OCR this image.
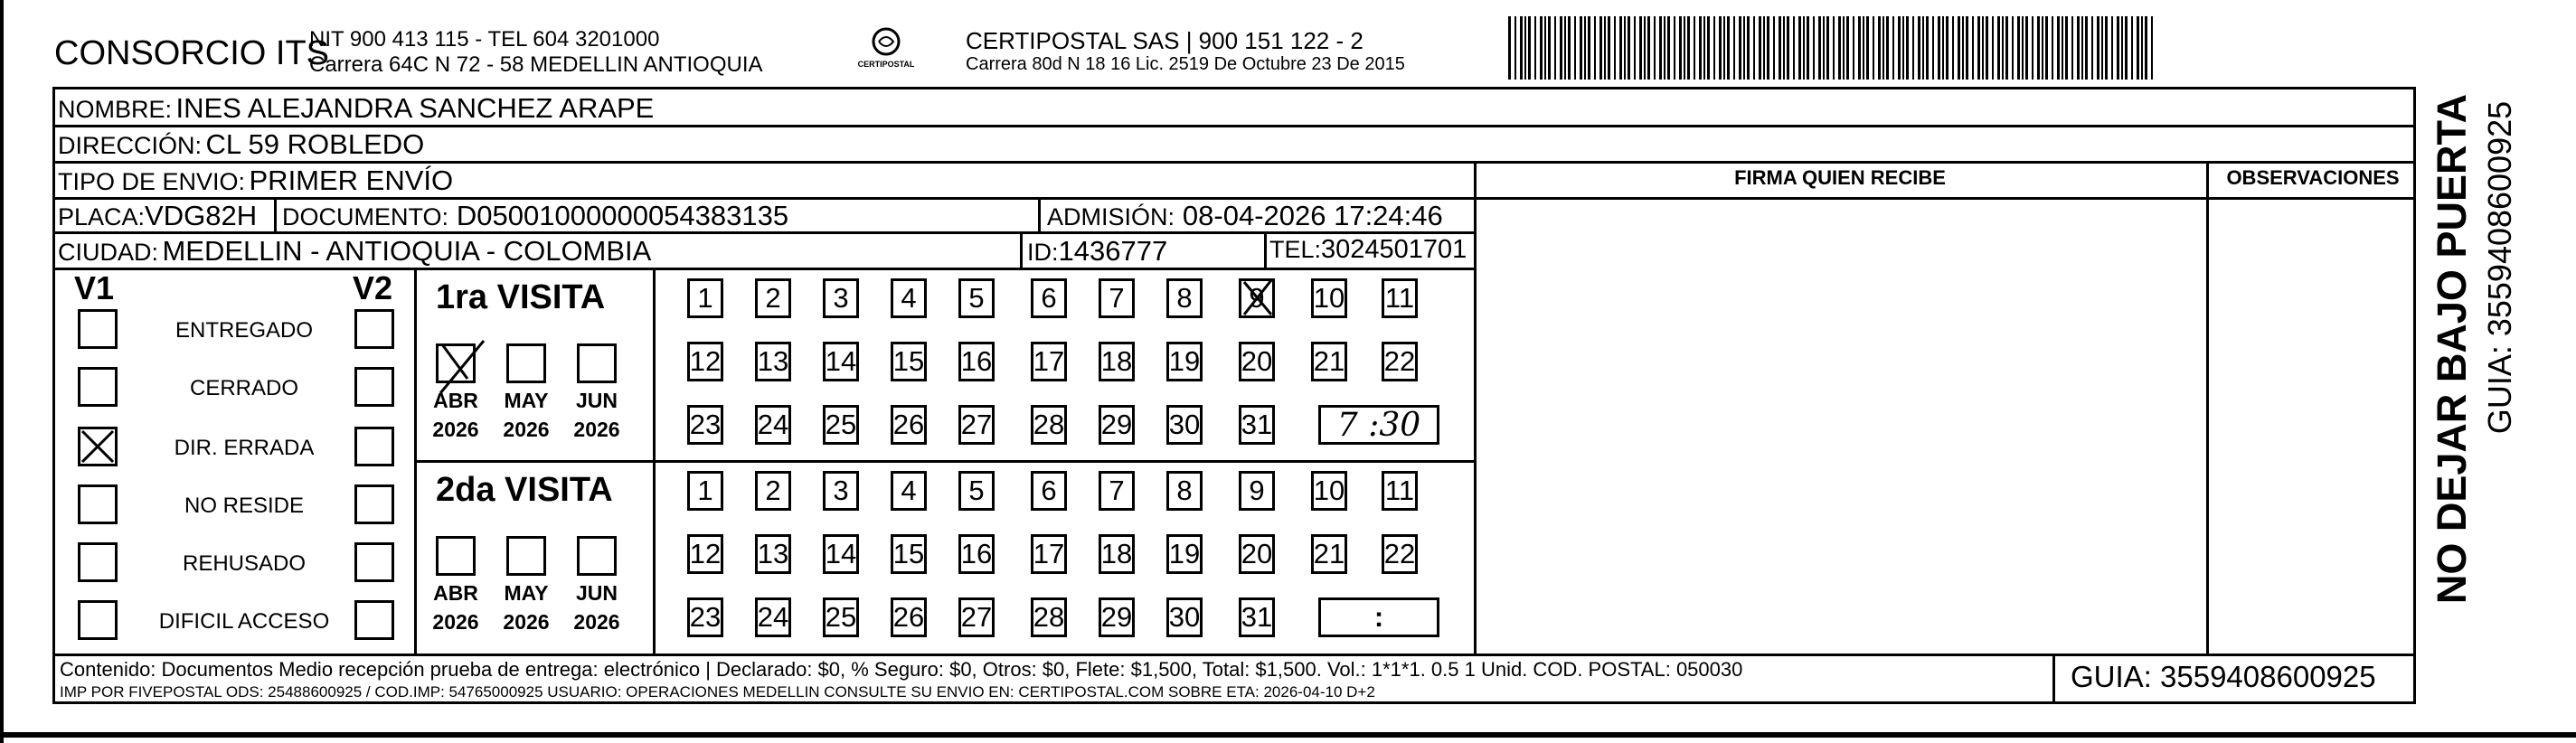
CONSORCIO ITS
NIT 900 413 115 - TEL 604 3201000
Carrera 64C N 72 - 58 MEDELLIN ANTIOQUIA	CERTIPOSTAL
CERTIPOSTAL SAS | 900 151 122 - 2
Carrera 80d N 18 16 Lic. 2519 De Octubre 23 De 2015
NOMBRE: INES ALEJANDRA SANCHEZ ARAPE
DIRECCIÓN: CL 59 ROBLEDO
TIPO DE ENVIO: PRIMER ENVÍO
PLACA:VDG82H DOCUMENTO: D05001000000054383135	ADMISIÓN: 08-04-2026 17:24:46
CIUDAD: MEDELLIN - ANTIOQUIA - COLOMBIA	ID:1436777	TEL:3024501701
FIRMA QUIEN RECIBE	OBSERVACIONES
V1	V2
ENTREGADO
CERRADO
DIR. ERRADA
NO RESIDE
REHUSADO
DIFICIL ACCESO
1ra VISITA
ABR
2026
MAY
2026
JUN
2026
1	2	3	4	5	6	7	8	9 10 11
12 13 14 15 16 17 18 19 20 21 22
23 24 25 26 27 28 29 30 31 7 :30
2da VISITA
ABR
2026
MAY
2026
JUN
2026
1	2	3	4	5	6	7	8	9	10 11
12 13 14 15 16 17 18 19 20 21 22
23 24 25 26 27 28 29 30 31	:
Contenido: Documentos Medio recepción prueba de entrega: electrónico | Declarado: $0, % Seguro: $0, Otros: $0, Flete: $1,500, Total: $1,500. Vol.: 1*1*1. 0.5 1 Unid. COD. POSTAL: 050030
IMP POR FIVEPOSTAL ODS: 25488600925 / COD.IMP: 54765000925 USUARIO: OPERACIONES MEDELLIN CONSULTE SU ENVIO EN: CERTIPOSTAL.COM SOBRE ETA: 2026-04-10 D+2	GUIA: 3559408600925
NO DEJAR BAJO PUERTA GUIA: 3559408600925
